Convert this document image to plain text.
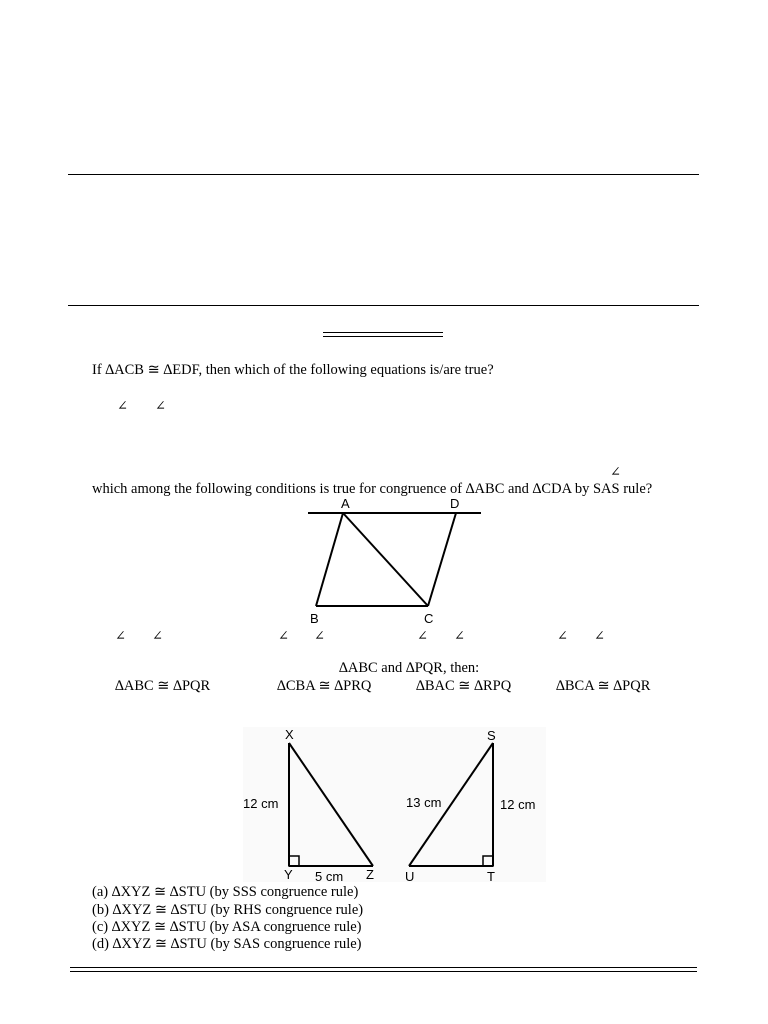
If ∆ACB ≅ ∆EDF, then which of the following equations is/are true?
∠ ∠
∠
which among the following conditions is true for congruence of ∆ABC and ∆CDA by SAS rule?
A	D
B	C
∠ ∠	∠ ∠	∠ ∠	∠ ∠
∆ABC and ∆PQR, then:
∆ABC ≅ ∆PQR	∆CBA ≅ ∆PRQ	∆BAC ≅ ∆RPQ	∆BCA ≅ ∆PQR
X
12 cm
Y 5 cm Z
S
13 cm	12 cm
U	T
(a) ∆XYZ ≅ ∆STU (by SSS congruence rule)
(b) ∆XYZ ≅ ∆STU (by RHS congruence rule)
(c) ∆XYZ ≅ ∆STU (by ASA congruence rule)
(d) ∆XYZ ≅ ∆STU (by SAS congruence rule)
